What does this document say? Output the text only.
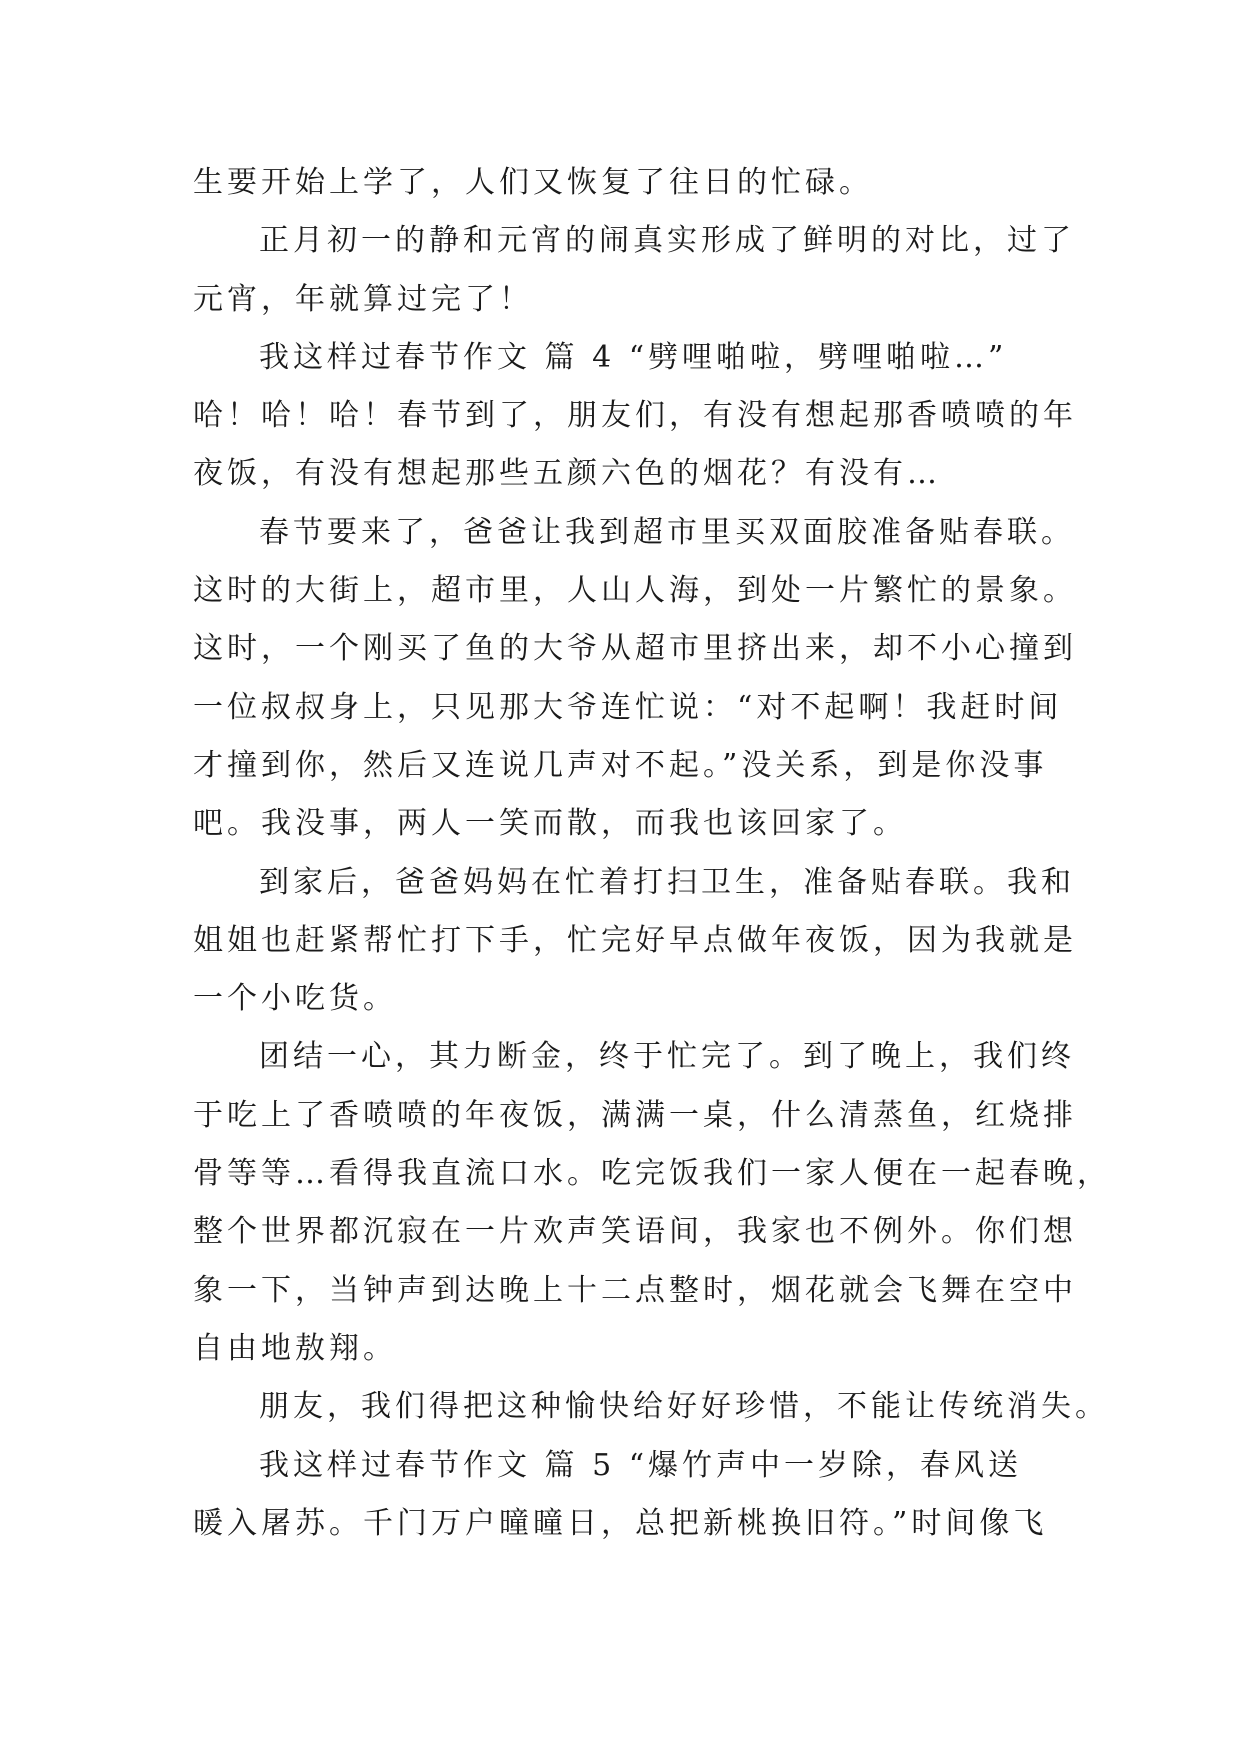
生要开始上学了，人们又恢复了往日的忙碌。
正月初一的静和元宵的闹真实形成了鲜明的对比，过了
元宵，年就算过完了！
我这样过春节作文 篇 4 “劈哩啪啦，劈哩啪啦…”
哈！哈！哈！春节到了，朋友们，有没有想起那香喷喷的年
夜饭，有没有想起那些五颜六色的烟花？有没有…
春节要来了，爸爸让我到超市里买双面胶准备贴春联。
这时的大街上，超市里，人山人海，到处一片繁忙的景象。
这时，一个刚买了鱼的大爷从超市里挤出来，却不小心撞到
一位叔叔身上，只见那大爷连忙说：“对不起啊！我赶时间
才撞到你，然后又连说几声对不起。”没关系，到是你没事
吧。我没事，两人一笑而散，而我也该回家了。
到家后，爸爸妈妈在忙着打扫卫生，准备贴春联。我和
姐姐也赶紧帮忙打下手，忙完好早点做年夜饭，因为我就是
一个小吃货。
团结一心，其力断金，终于忙完了。到了晚上，我们终
于吃上了香喷喷的年夜饭，满满一桌，什么清蒸鱼，红烧排
骨等等…看得我直流口水。吃完饭我们一家人便在一起春晚，
整个世界都沉寂在一片欢声笑语间，我家也不例外。你们想
象一下，当钟声到达晚上十二点整时，烟花就会飞舞在空中
自由地敖翔。
朋友，我们得把这种愉快给好好珍惜，不能让传统消失。
我这样过春节作文 篇 5 “爆竹声中一岁除，春风送
暖入屠苏。千门万户曈曈日，总把新桃换旧符。”时间像飞
